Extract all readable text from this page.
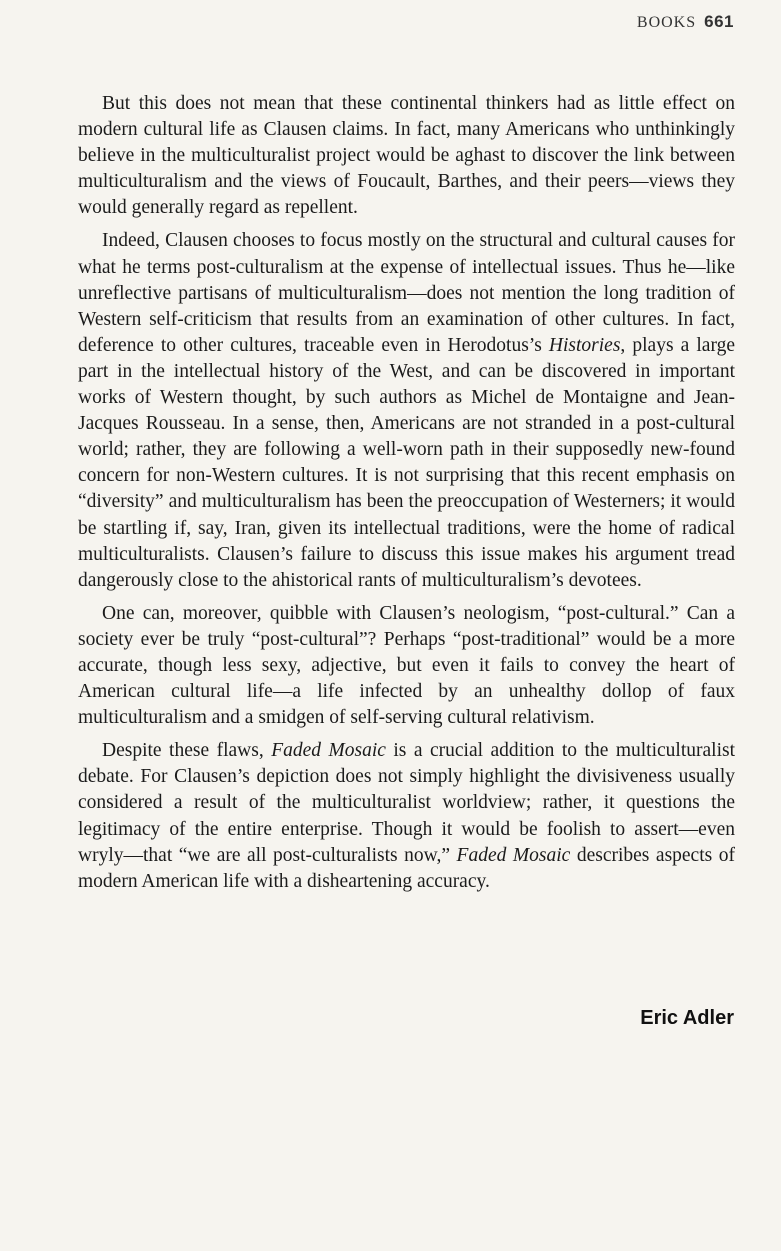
BOOKS 661

But this does not mean that these continental thinkers had as little effect on modern cultural life as Clausen claims. In fact, many Americans who unthinkingly believe in the multiculturalist project would be aghast to discover the link between multiculturalism and the views of Foucault, Barthes, and their peers—views they would generally regard as repellent.

Indeed, Clausen chooses to focus mostly on the structural and cultural causes for what he terms post-culturalism at the expense of intellectual issues. Thus he—like unreflective partisans of multiculturalism—does not mention the long tradition of Western self-criticism that results from an examination of other cultures. In fact, deference to other cultures, traceable even in Herodotus’s Histories, plays a large part in the intellectual history of the West, and can be discovered in important works of Western thought, by such authors as Michel de Montaigne and Jean-Jacques Rousseau. In a sense, then, Americans are not stranded in a post-cultural world; rather, they are following a well-worn path in their supposedly new-found concern for non-Western cultures. It is not surprising that this recent emphasis on “diversity” and multiculturalism has been the preoccupation of Westerners; it would be startling if, say, Iran, given its intellectual traditions, were the home of radical multiculturalists. Clausen’s failure to discuss this issue makes his argument tread dangerously close to the ahistorical rants of multiculturalism’s devotees.

One can, moreover, quibble with Clausen’s neologism, “post-cultural.” Can a society ever be truly “post-cultural”? Perhaps “post-traditional” would be a more accurate, though less sexy, adjective, but even it fails to convey the heart of American cultural life—a life infected by an unhealthy dollop of faux multiculturalism and a smidgen of self-serving cultural relativism.

Despite these flaws, Faded Mosaic is a crucial addition to the multiculturalist debate. For Clausen’s depiction does not simply highlight the divisiveness usually considered a result of the multiculturalist worldview; rather, it questions the legitimacy of the entire enterprise. Though it would be foolish to assert—even wryly—that “we are all post-culturalists now,” Faded Mosaic describes aspects of modern American life with a disheartening accuracy.

Eric Adler
